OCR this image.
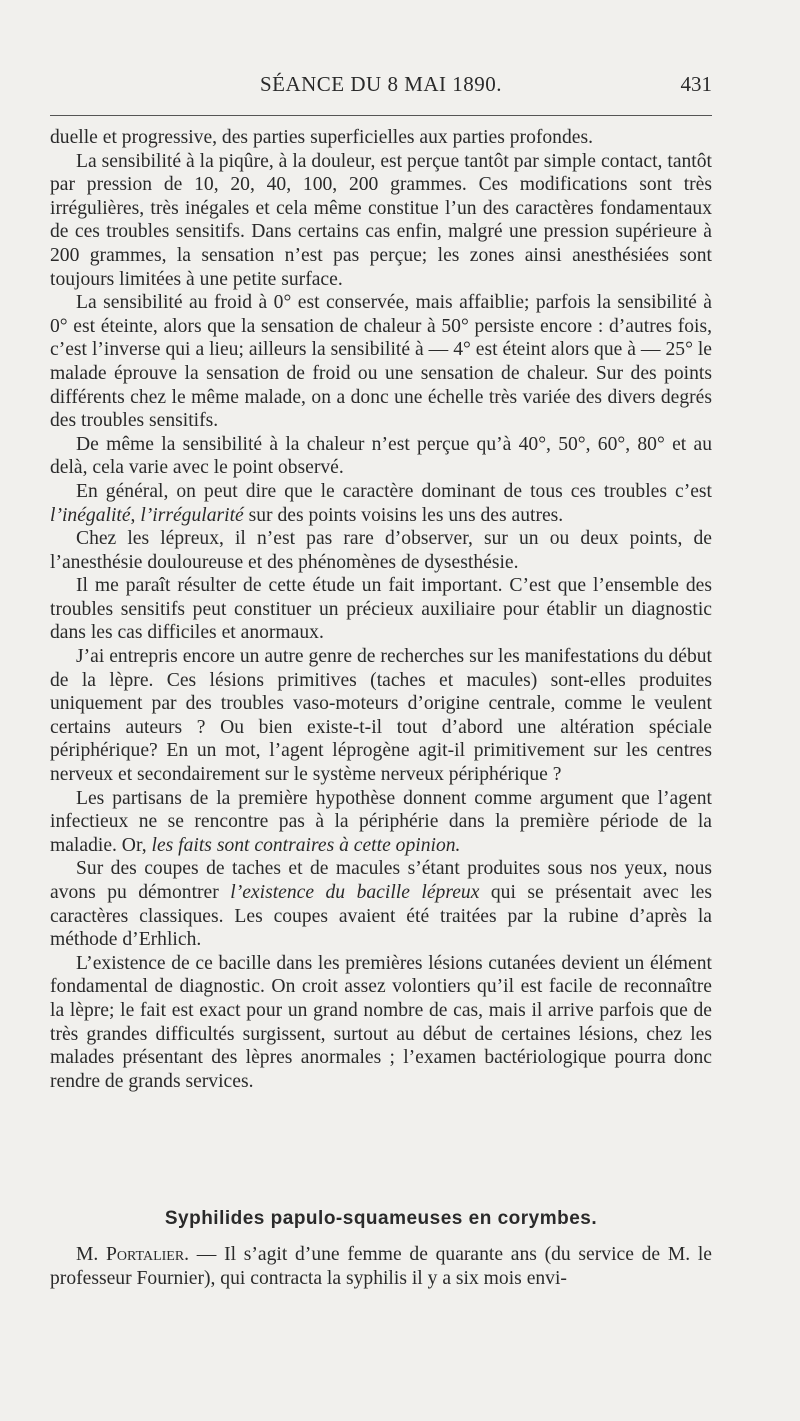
SÉANCE DU 8 MAI 1890.	431

duelle et progressive, des parties superficielles aux parties profondes.

La sensibilité à la piqûre, à la douleur, est perçue tantôt par simple contact, tantôt par pression de 10, 20, 40, 100, 200 grammes. Ces modifications sont très irrégulières, très inégales et cela même constitue l’un des caractères fondamentaux de ces troubles sensitifs. Dans certains cas enfin, malgré une pression supérieure à 200 grammes, la sensation n’est pas perçue; les zones ainsi anesthésiées sont toujours limitées à une petite surface.

La sensibilité au froid à 0° est conservée, mais affaiblie; parfois la sensibilité à 0° est éteinte, alors que la sensation de chaleur à 50° persiste encore : d’autres fois, c’est l’inverse qui a lieu; ailleurs la sensibilité à — 4° est éteint alors que à — 25° le malade éprouve la sensation de froid ou une sensation de chaleur. Sur des points différents chez le même malade, on a donc une échelle très variée des divers degrés des troubles sensitifs.

De même la sensibilité à la chaleur n’est perçue qu’à 40°, 50°, 60°, 80° et au delà, cela varie avec le point observé.

En général, on peut dire que le caractère dominant de tous ces troubles c’est l’inégalité, l’irrégularité sur des points voisins les uns des autres.

Chez les lépreux, il n’est pas rare d’observer, sur un ou deux points, de l’anesthésie douloureuse et des phénomènes de dysesthésie.

Il me paraît résulter de cette étude un fait important. C’est que l’ensemble des troubles sensitifs peut constituer un précieux auxiliaire pour établir un diagnostic dans les cas difficiles et anormaux.

J’ai entrepris encore un autre genre de recherches sur les manifestations du début de la lèpre. Ces lésions primitives (taches et macules) sont-elles produites uniquement par des troubles vaso-moteurs d’origine centrale, comme le veulent certains auteurs ? Ou bien existe-t-il tout d’abord une altération spéciale périphérique? En un mot, l’agent léprogène agit-il primitivement sur les centres nerveux et secondairement sur le système nerveux périphérique ?

Les partisans de la première hypothèse donnent comme argument que l’agent infectieux ne se rencontre pas à la périphérie dans la première période de la maladie. Or, les faits sont contraires à cette opinion.

Sur des coupes de taches et de macules s’étant produites sous nos yeux, nous avons pu démontrer l’existence du bacille lépreux qui se présentait avec les caractères classiques. Les coupes avaient été traitées par la rubine d’après la méthode d’Erhlich.

L’existence de ce bacille dans les premières lésions cutanées devient un élément fondamental de diagnostic. On croit assez volontiers qu’il est facile de reconnaître la lèpre; le fait est exact pour un grand nombre de cas, mais il arrive parfois que de très grandes difficultés surgissent, surtout au début de certaines lésions, chez les malades présentant des lèpres anormales ; l’examen bactériologique pourra donc rendre de grands services.

Syphilides papulo-squameuses en corymbes.

M. Portalier. — Il s’agit d’une femme de quarante ans (du service de M. le professeur Fournier), qui contracta la syphilis il y a six mois envi-
